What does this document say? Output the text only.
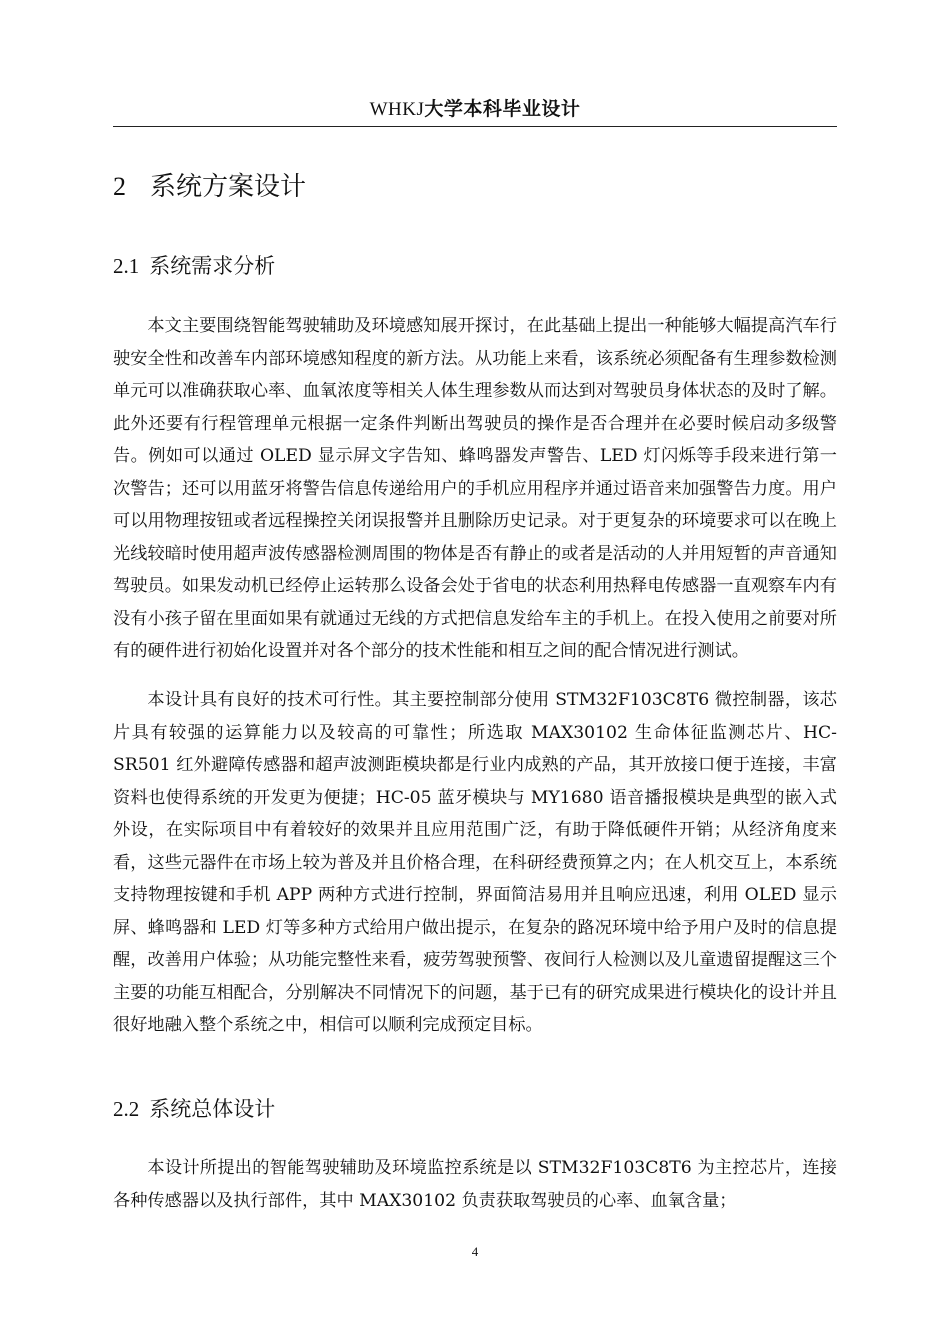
WHKJ大学本科毕业设计
2 系统方案设计
2.1 系统需求分析

本文主要围绕智能驾驶辅助及环境感知展开探讨，在此基础上提出一种能够大幅提高汽车行驶安全性和改善车内部环境感知程度的新方法。从功能上来看，该系统必须配备有生理参数检测单元可以准确获取心率、血氧浓度等相关人体生理参数从而达到对驾驶员身体状态的及时了解。此外还要有行程管理单元根据一定条件判断出驾驶员的操作是否合理并在必要时候启动多级警告。例如可以通过 OLED 显示屏文字告知、蜂鸣器发声警告、LED 灯闪烁等手段来进行第一次警告；还可以用蓝牙将警告信息传递给用户的手机应用程序并通过语音来加强警告力度。用户可以用物理按钮或者远程操控关闭误报警并且删除历史记录。对于更复杂的环境要求可以在晚上光线较暗时使用超声波传感器检测周围的物体是否有静止的或者是活动的人并用短暂的声音通知驾驶员。如果发动机已经停止运转那么设备会处于省电的状态利用热释电传感器一直观察车内有没有小孩子留在里面如果有就通过无线的方式把信息发给车主的手机上。在投入使用之前要对所有的硬件进行初始化设置并对各个部分的技术性能和相互之间的配合情况进行测试。

本设计具有良好的技术可行性。其主要控制部分使用 STM32F103C8T6 微控制器，该芯片具有较强的运算能力以及较高的可靠性；所选取 MAX30102 生命体征监测芯片、HC-SR501 红外避障传感器和超声波测距模块都是行业内成熟的产品，其开放接口便于连接，丰富资料也使得系统的开发更为便捷；HC-05 蓝牙模块与 MY1680 语音播报模块是典型的嵌入式外设，在实际项目中有着较好的效果并且应用范围广泛，有助于降低硬件开销；从经济角度来看，这些元器件在市场上较为普及并且价格合理，在科研经费预算之内；在人机交互上，本系统支持物理按键和手机 APP 两种方式进行控制，界面简洁易用并且响应迅速，利用 OLED 显示屏、蜂鸣器和 LED 灯等多种方式给用户做出提示，在复杂的路况环境中给予用户及时的信息提醒，改善用户体验；从功能完整性来看，疲劳驾驶预警、夜间行人检测以及儿童遗留提醒这三个主要的功能互相配合，分别解决不同情况下的问题，基于已有的研究成果进行模块化的设计并且很好地融入整个系统之中，相信可以顺利完成预定目标。

2.2 系统总体设计

本设计所提出的智能驾驶辅助及环境监控系统是以 STM32F103C8T6 为主控芯片，连接各种传感器以及执行部件，其中 MAX30102 负责获取驾驶员的心率、血氧含量；

4
